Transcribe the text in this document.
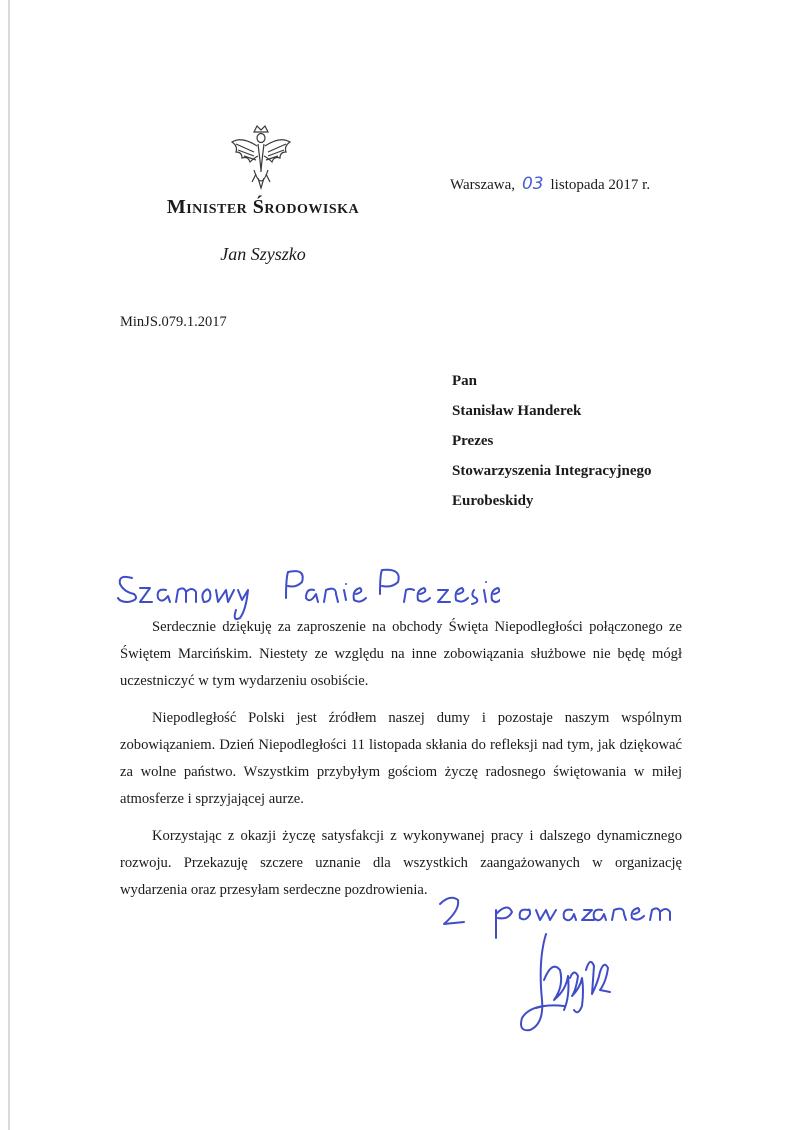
Minister Środowiska
Jan Szyszko
Warszawa, 03 listopada 2017 r.
MinJS.079.1.2017
Pan
Stanisław Handerek
Prezes
Stowarzyszenia Integracyjnego
Eurobeskidy

Serdecznie dziękuję za zaproszenie na obchody Święta Niepodległości połączonego ze Świętem Marcińskim. Niestety ze względu na inne zobowiązania służbowe nie będę mógł uczestniczyć w tym wydarzeniu osobiście.

Niepodległość Polski jest źródłem naszej dumy i pozostaje naszym wspólnym zobowiązaniem. Dzień Niepodległości 11 listopada skłania do refleksji nad tym, jak dziękować za wolne państwo. Wszystkim przybyłym gościom życzę radosnego świętowania w miłej atmosferze i sprzyjającej aurze.

Korzystając z okazji życzę satysfakcji z wykonywanej pracy i dalszego dynamicznego rozwoju. Przekazuję szczere uznanie dla wszystkich zaangażowanych w organizację wydarzenia oraz przesyłam serdeczne pozdrowienia.
